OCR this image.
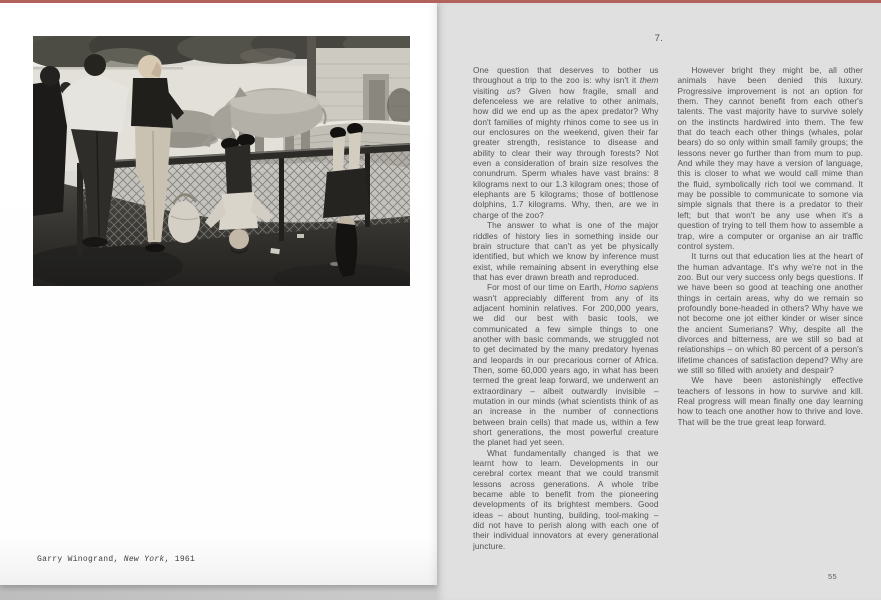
Garry Winogrand, New York, 1961
7.

One question that deserves to bother us throughout a trip to the zoo is: why isn't it them visiting us? Given how fragile, small and defenceless we are relative to other animals, how did we end up as the apex predator? Why don't families of mighty rhinos come to see us in our enclosures on the weekend, given their far greater strength, resistance to disease and ability to clear their way through forests? Not even a consideration of brain size resolves the conundrum. Sperm whales have vast brains: 8 kilograms next to our 1.3 kilogram ones; those of elephants are 5 kilograms; those of bottlenose dolphins, 1.7 kilograms. Why, then, are we in charge of the zoo?

The answer to what is one of the major riddles of history lies in something inside our brain structure that can't as yet be physically identified, but which we know by inference must exist, while remaining absent in everything else that has ever drawn breath and reproduced.

For most of our time on Earth, Homo sapiens wasn't appreciably different from any of its adjacent hominin relatives. For 200,000 years, we did our best with basic tools, we communicated a few simple things to one another with basic commands, we struggled not to get decimated by the many predatory hyenas and leopards in our precarious corner of Africa. Then, some 60,000 years ago, in what has been termed the great leap forward, we underwent an extraordinary – albeit outwardly invisible – mutation in our minds (what scientists think of as an increase in the number of connections between brain cells) that made us, within a few short generations, the most powerful creature the planet had yet seen.

What fundamentally changed is that we learnt how to learn. Developments in our cerebral cortex meant that we could transmit lessons across generations. A whole tribe became able to benefit from the pioneering developments of its brightest members. Good ideas – about hunting, building, tool-making – did not have to perish along with each one of their individual innovators at every generational juncture.

However bright they might be, all other animals have been denied this luxury. Progressive improvement is not an option for them. They cannot benefit from each other's talents. The vast majority have to survive solely on the instincts hardwired into them. The few that do teach each other things (whales, polar bears) do so only within small family groups; the lessons never go further than from mum to pup. And while they may have a version of language, this is closer to what we would call mime than the fluid, symbolically rich tool we command. It may be possible to communicate to somone via simple signals that there is a predator to their left; but that won't be any use when it's a question of trying to tell them how to assemble a trap, wire a computer or organise an air traffic control system.

It turns out that education lies at the heart of the human advantage. It's why we're not in the zoo. But our very success only begs questions. If we have been so good at teaching one another things in certain areas, why do we remain so profoundly bone-headed in others? Why have we not become one jot either kinder or wiser since the ancient Sumerians? Why, despite all the divorces and bitterness, are we still so bad at relationships – on which 80 percent of a person's lifetime chances of satisfaction depend? Why are we still so filled with anxiety and despair?

We have been astonishingly effective teachers of lessons in how to survive and kill. Real progress will mean finally one day learning how to teach one another how to thrive and love. That will be the true great leap forward.

55
